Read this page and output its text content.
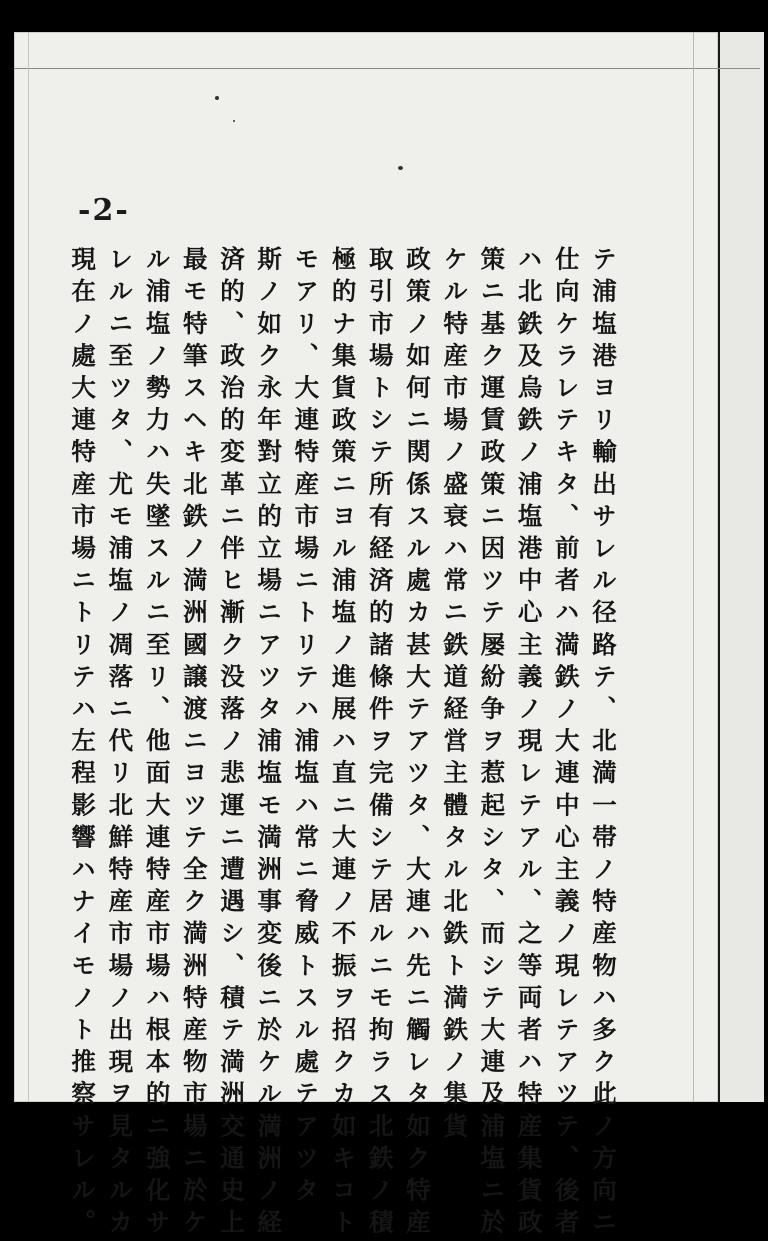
-2-
テ浦塩港ヨリ輸出サレル径路テ、北満一帯ノ特産物ハ多ク此ノ方向ニ
仕向ケラレテキタ、前者ハ満鉄ノ大連中心主義ノ現レテアツテ、後者
ハ北鉄及烏鉄ノ浦塩港中心主義ノ現レテアル、之等両者ハ特産集貨政
策ニ基ク運賃政策ニ因ツテ屡紛争ヲ惹起シタ、而シテ大連及浦塩ニ於
ケル特産市場ノ盛衰ハ常ニ鉄道経営主體タル北鉄ト満鉄ノ集貨
政策ノ如何ニ関係スル處カ甚大テアツタ、大連ハ先ニ觸レタ如ク特産
取引市場トシテ所有経済的諸條件ヲ完備シテ居ルニモ拘ラス北鉄ノ積
極的ナ集貨政策ニヨル浦塩ノ進展ハ直ニ大連ノ不振ヲ招クカ如キコト
モアリ、大連特産市場ニトリテハ浦塩ハ常ニ脅威トスル處テアツタ
斯ノ如ク永年對立的立場ニアツタ浦塩モ満洲事変後ニ於ケル満洲ノ経
済的、政治的変革ニ伴ヒ漸ク没落ノ悲運ニ遭遇シ、積テ満洲交通史上
最モ特筆スヘキ北鉄ノ満洲國譲渡ニヨツテ全ク満洲特産物市場ニ於ケ
ル浦塩ノ勢力ハ失墜スルニ至リ、他面大連特産市場ハ根本的ニ強化サ
レルニ至ツタ、尤モ浦塩ノ凋落ニ代リ北鮮特産市場ノ出現ヲ見タルカ
現在ノ處大連特産市場ニトリテハ左程影響ハナイモノト推察サレル。
